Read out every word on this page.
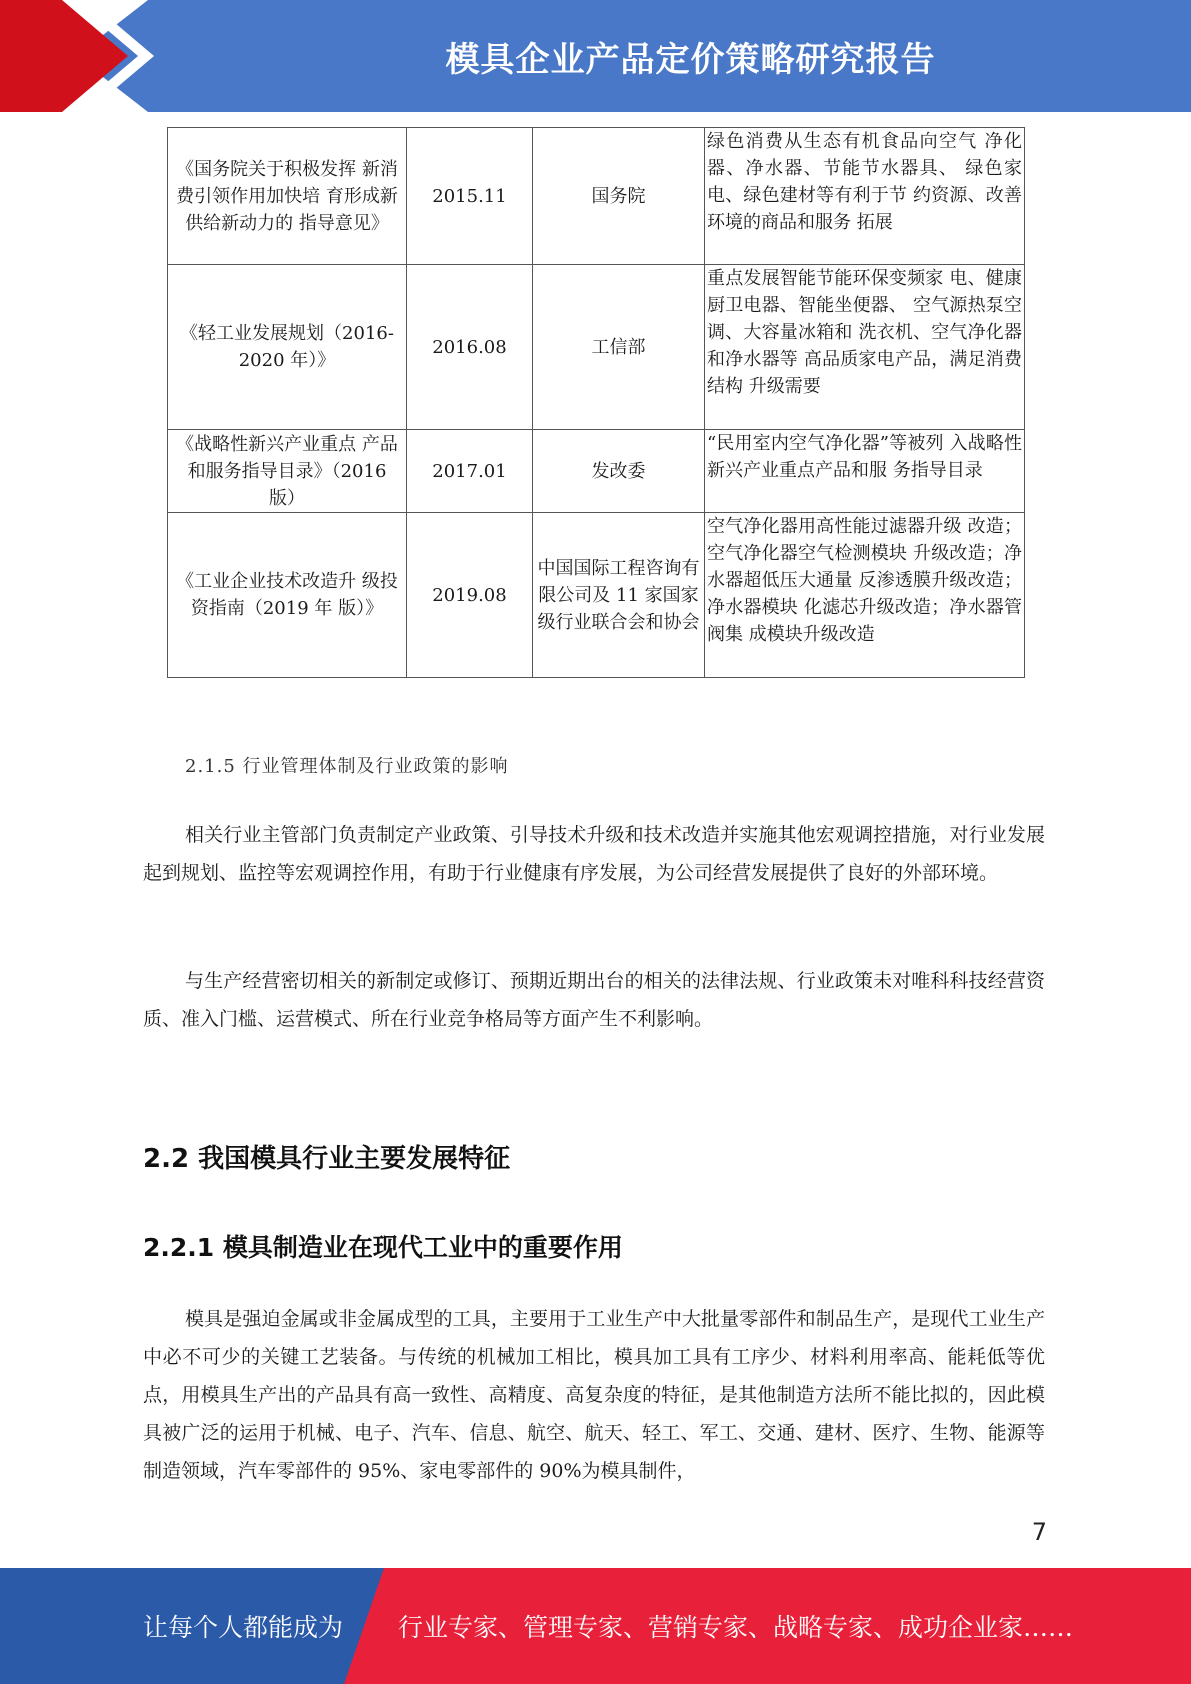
模具企业产品定价策略研究报告
《国务院关于积极发挥 新消费引领作用加快培 育形成新供给新动力的 指导意见》	2015.11	国务院	绿色消费从生态有机食品向空气 净化器、净水器、节能节水器具、 绿色家电、绿色建材等有利于节 约资源、改善环境的商品和服务 拓展
《轻工业发展规划（2016-2020 年）》	2016.08	工信部	重点发展智能节能环保变频家 电、健康厨卫电器、智能坐便器、 空气源热泵空调、大容量冰箱和 洗衣机、空气净化器和净水器等 高品质家电产品，满足消费结构 升级需要
《战略性新兴产业重点 产品和服务指导目录》（2016 版）	2017.01	发改委	“民用室内空气净化器”等被列 入战略性新兴产业重点产品和服 务指导目录
《工业企业技术改造升 级投资指南（2019 年 版）》	2019.08	中国国际工程咨询有限公司及 11 家国家级行业联合会和协会	空气净化器用高性能过滤器升级 改造；空气净化器空气检测模块 升级改造；净水器超低压大通量 反渗透膜升级改造；净水器模块 化滤芯升级改造；净水器管阀集 成模块升级改造
2.1.5 行业管理体制及行业政策的影响

相关行业主管部门负责制定产业政策、引导技术升级和技术改造并实施其他宏观调控措施，对行业发展起到规划、监控等宏观调控作用，有助于行业健康有序发展，为公司经营发展提供了良好的外部环境。

与生产经营密切相关的新制定或修订、预期近期出台的相关的法律法规、行业政策未对唯科科技经营资质、准入门槛、运营模式、所在行业竞争格局等方面产生不利影响。

2.2 我国模具行业主要发展特征
2.2.1 模具制造业在现代工业中的重要作用

模具是强迫金属或非金属成型的工具，主要用于工业生产中大批量零部件和制品生产，是现代工业生产中必不可少的关键工艺装备。与传统的机械加工相比，模具加工具有工序少、材料利用率高、能耗低等优点，用模具生产出的产品具有高一致性、高精度、高复杂度的特征，是其他制造方法所不能比拟的，因此模具被广泛的运用于机械、电子、汽车、信息、航空、航天、轻工、军工、交通、建材、医疗、生物、能源等制造领域，汽车零部件的 95%、家电零部件的 90%为模具制件，

7
让每个人都能成为 行业专家、管理专家、营销专家、战略专家、成功企业家……
